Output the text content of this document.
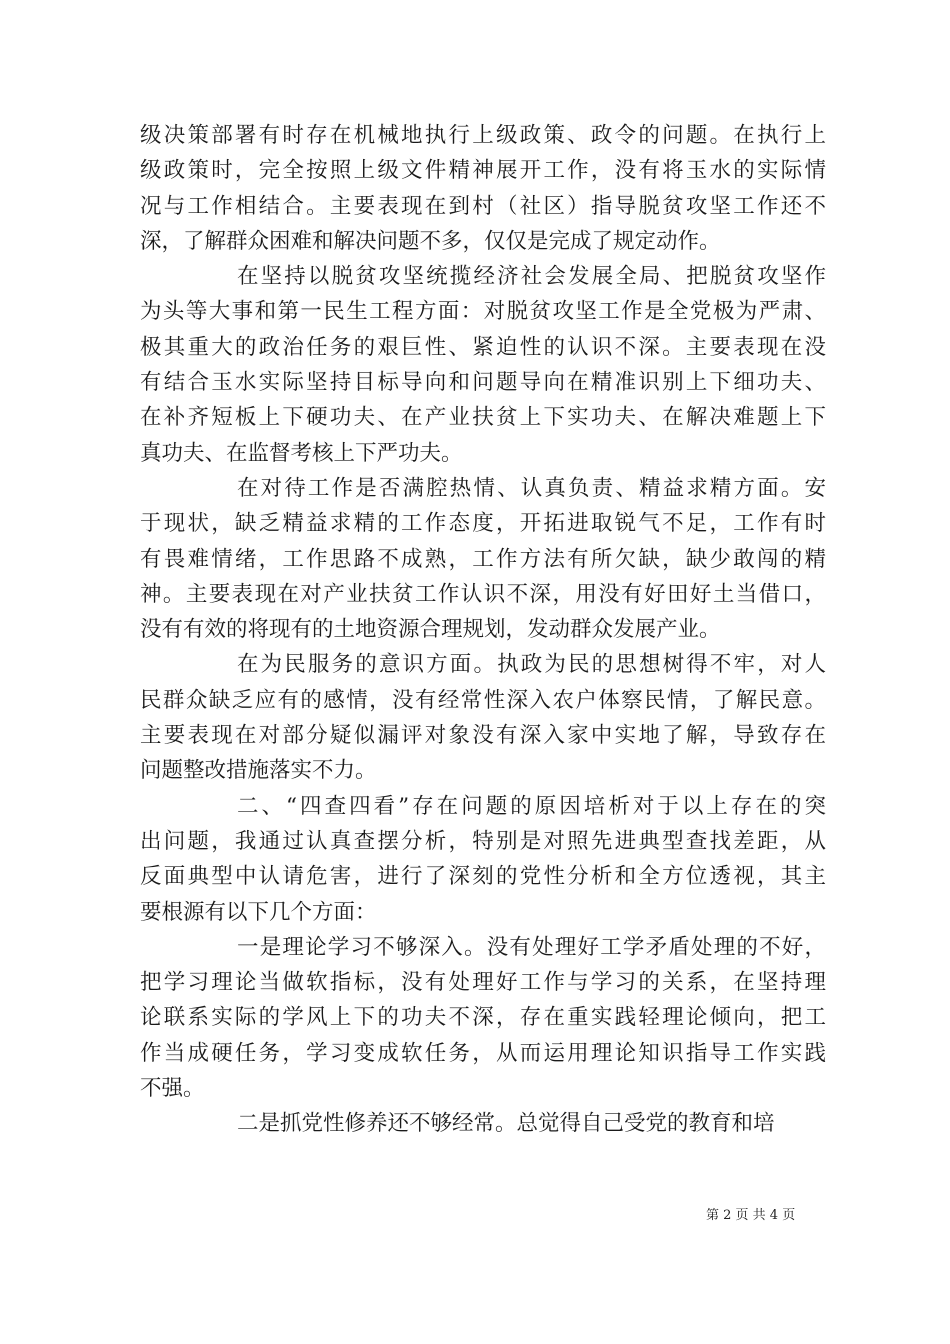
级决策部署有时存在机械地执行上级政策、政令的问题。在执行上
级政策时，完全按照上级文件精神展开工作，没有将玉水的实际情
况与工作相结合。主要表现在到村（社区）指导脱贫攻坚工作还不
深，了解群众困难和解决问题不多，仅仅是完成了规定动作。
在坚持以脱贫攻坚统揽经济社会发展全局、把脱贫攻坚作
为头等大事和第一民生工程方面：对脱贫攻坚工作是全党极为严肃、
极其重大的政治任务的艰巨性、紧迫性的认识不深。主要表现在没
有结合玉水实际坚持目标导向和问题导向在精准识别上下细功夫、
在补齐短板上下硬功夫、在产业扶贫上下实功夫、在解决难题上下
真功夫、在监督考核上下严功夫。
在对待工作是否满腔热情、认真负责、精益求精方面。安
于现状，缺乏精益求精的工作态度，开拓进取锐气不足，工作有时
有畏难情绪，工作思路不成熟，工作方法有所欠缺，缺少敢闯的精
神。主要表现在对产业扶贫工作认识不深，用没有好田好土当借口，
没有有效的将现有的土地资源合理规划，发动群众发展产业。
在为民服务的意识方面。执政为民的思想树得不牢，对人
民群众缺乏应有的感情，没有经常性深入农户体察民情，了解民意。
主要表现在对部分疑似漏评对象没有深入家中实地了解，导致存在
问题整改措施落实不力。
二、“四查四看”存在问题的原因培析对于以上存在的突
出问题，我通过认真查摆分析，特别是对照先进典型查找差距，从
反面典型中认请危害，进行了深刻的党性分析和全方位透视，其主
要根源有以下几个方面：
一是理论学习不够深入。没有处理好工学矛盾处理的不好，
把学习理论当做软指标，没有处理好工作与学习的关系，在坚持理
论联系实际的学风上下的功夫不深，存在重实践轻理论倾向，把工
作当成硬任务，学习变成软任务，从而运用理论知识指导工作实践
不强。
二是抓党性修养还不够经常。总觉得自己受党的教育和培
第 2 页 共 4 页
